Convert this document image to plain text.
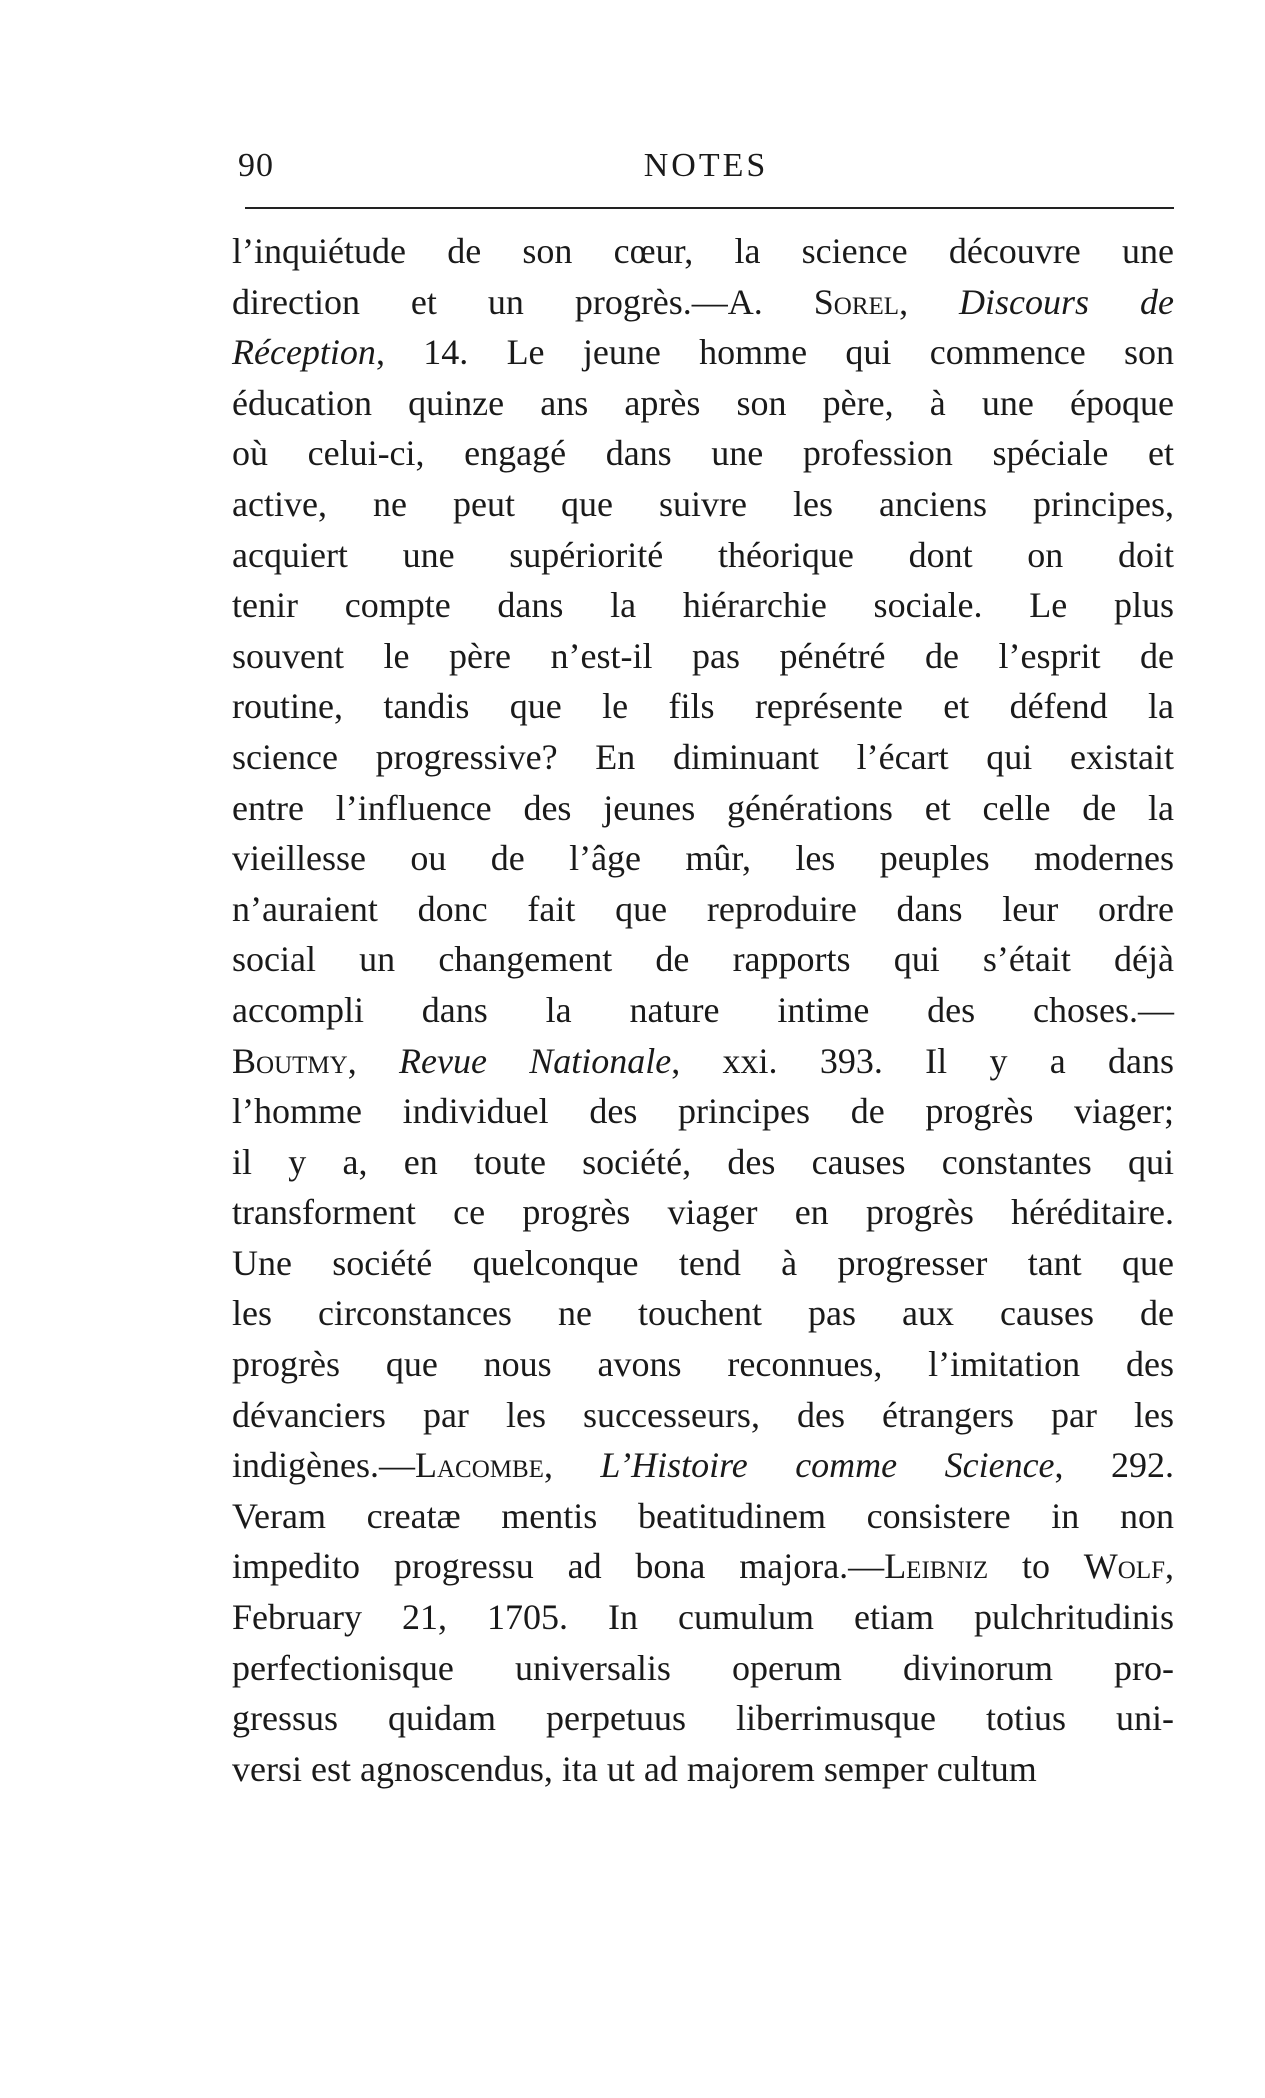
90	NOTES
l’inquiétude de son cœur, la science découvre une
direction et un progrès.—A. Sorel, Discours de
Réception, 14. Le jeune homme qui commence son
éducation quinze ans après son père, à une époque
où celui-ci, engagé dans une profession spéciale et
active, ne peut que suivre les anciens principes,
acquiert une supériorité théorique dont on doit
tenir compte dans la hiérarchie sociale. Le plus
souvent le père n’est-il pas pénétré de l’esprit de
routine, tandis que le fils représente et défend la
science progressive? En diminuant l’écart qui existait
entre l’influence des jeunes générations et celle de la
vieillesse ou de l’âge mûr, les peuples modernes
n’auraient donc fait que reproduire dans leur ordre
social un changement de rapports qui s’était déjà
accompli dans la nature intime des choses.—
Boutmy, Revue Nationale, xxi. 393. Il y a dans
l’homme individuel des principes de progrès viager;
il y a, en toute société, des causes constantes qui
transforment ce progrès viager en progrès héréditaire.
Une société quelconque tend à progresser tant que
les circonstances ne touchent pas aux causes de
progrès que nous avons reconnues, l’imitation des
dévanciers par les successeurs, des étrangers par les
indigènes.—Lacombe, L’Histoire comme Science, 292.
Veram creatæ mentis beatitudinem consistere in non
impedito progressu ad bona majora.—Leibniz to Wolf,
February 21, 1705. In cumulum etiam pulchritudinis
perfectionisque universalis operum divinorum pro-
gressus quidam perpetuus liberrimusque totius uni-
versi est agnoscendus, ita ut ad majorem semper cultum
